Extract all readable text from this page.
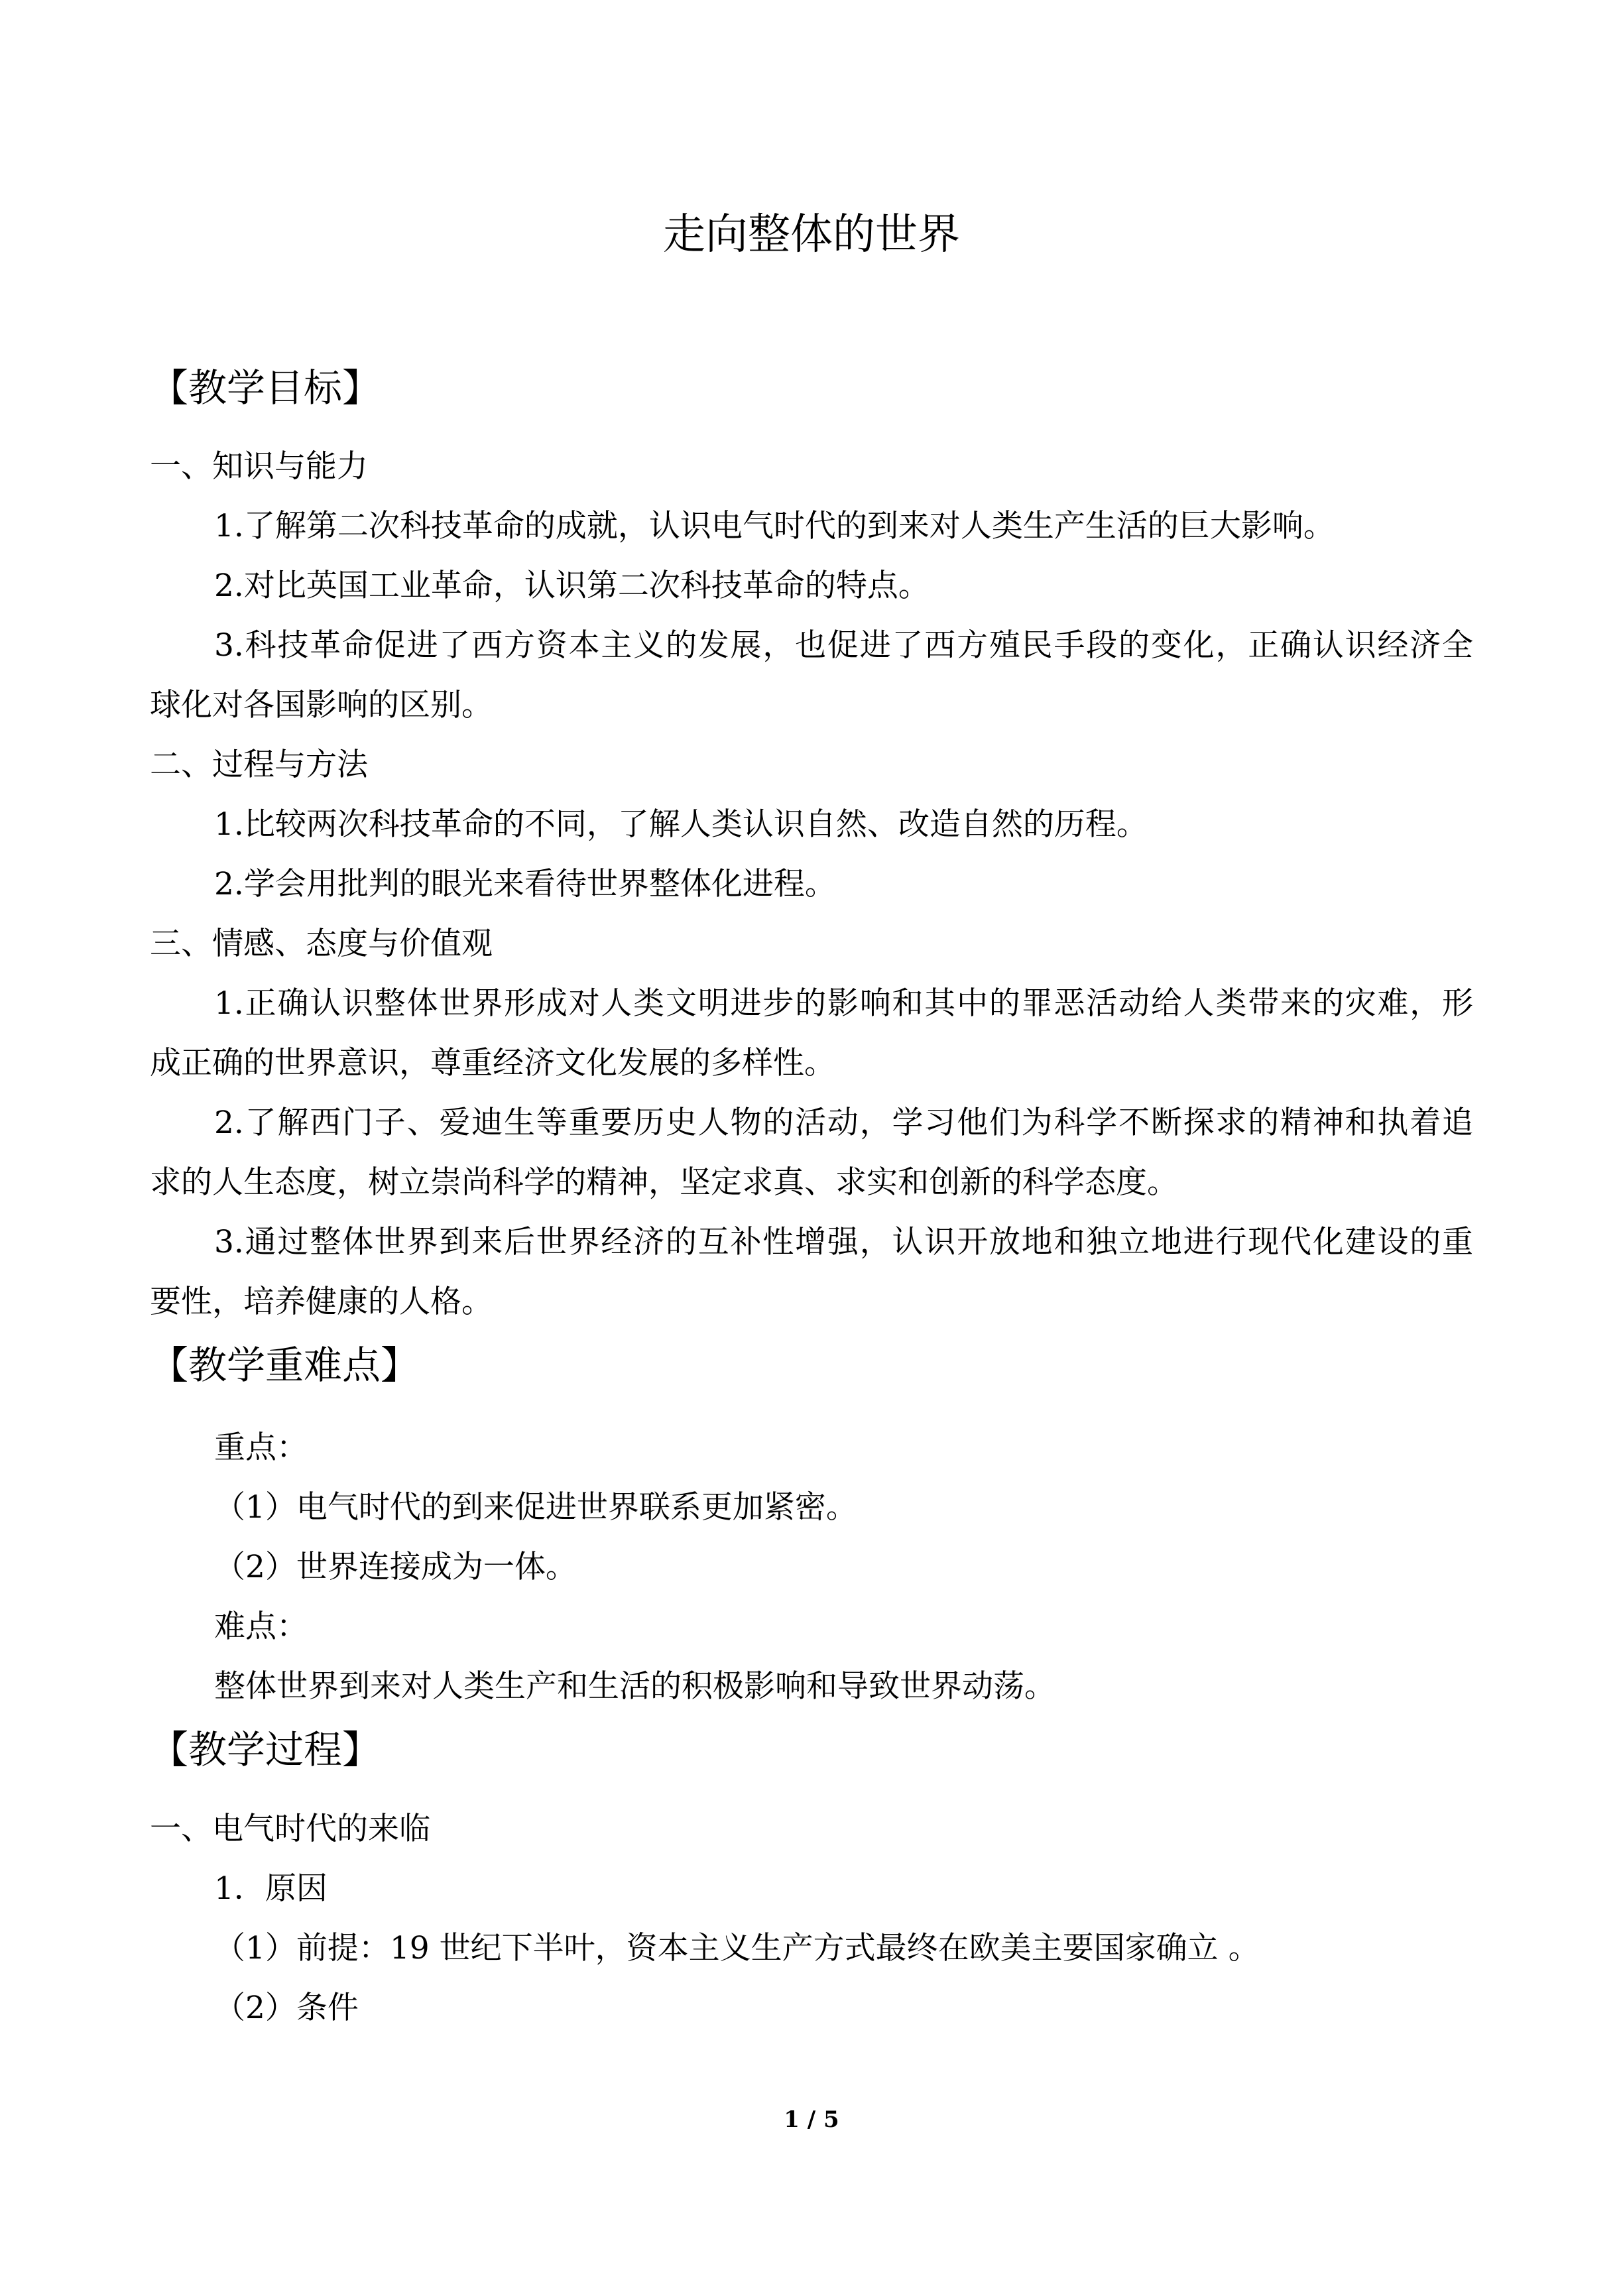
走向整体的世界
【教学目标】
一、知识与能力
1.了解第二次科技革命的成就，认识电气时代的到来对人类生产生活的巨大影响。
2.对比英国工业革命，认识第二次科技革命的特点。
3.科技革命促进了西方资本主义的发展，也促进了西方殖民手段的变化，正确认识经济全
球化对各国影响的区别。
二、过程与方法
1.比较两次科技革命的不同，了解人类认识自然、改造自然的历程。
2.学会用批判的眼光来看待世界整体化进程。
三、情感、态度与价值观
1.正确认识整体世界形成对人类文明进步的影响和其中的罪恶活动给人类带来的灾难，形
成正确的世界意识，尊重经济文化发展的多样性。
2.了解西门子、爱迪生等重要历史人物的活动，学习他们为科学不断探求的精神和执着追
求的人生态度，树立崇尚科学的精神，坚定求真、求实和创新的科学态度。
3.通过整体世界到来后世界经济的互补性增强，认识开放地和独立地进行现代化建设的重
要性，培养健康的人格。
【教学重难点】
重点：
（1）电气时代的到来促进世界联系更加紧密。
（2）世界连接成为一体。
难点：
整体世界到来对人类生产和生活的积极影响和导致世界动荡。
【教学过程】
一、电气时代的来临
1．原因
（1）前提：19 世纪下半叶，资本主义生产方式最终在欧美主要国家确立 。
（2）条件
1 / 5
